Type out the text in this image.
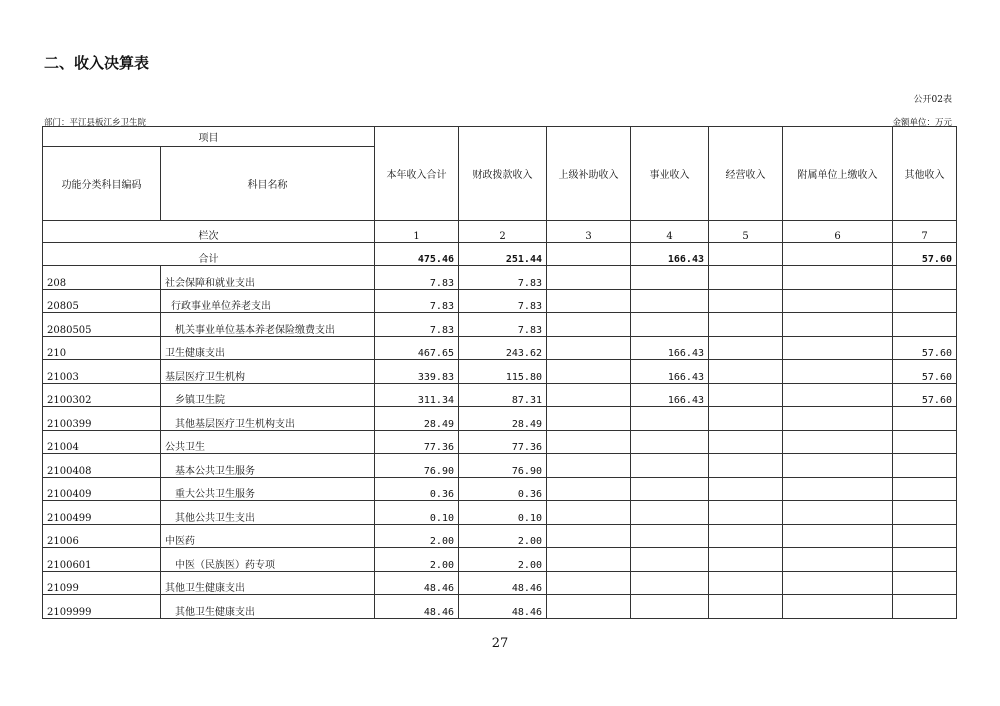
二、收入决算表
公开02表
部门：平江县板江乡卫生院	金额单位：万元
项目		本年收入合计	财政拨款收入	上级补助收入	事业收入	经营收入	附属单位上缴收入	其他收入
功能分类科目编码	科目名称							
栏次		1	2	3	4	5	6	7
合计		475.46	251.44		166.43			57.60
208	社会保障和就业支出	7.83	7.83					
20805	行政事业单位养老支出	7.83	7.83					
2080505	机关事业单位基本养老保险缴费支出	7.83	7.83					
210	卫生健康支出	467.65	243.62		166.43			57.60
21003	基层医疗卫生机构	339.83	115.80		166.43			57.60
2100302	乡镇卫生院	311.34	87.31		166.43			57.60
2100399	其他基层医疗卫生机构支出	28.49	28.49					
21004	公共卫生	77.36	77.36					
2100408	基本公共卫生服务	76.90	76.90					
2100409	重大公共卫生服务	0.36	0.36					
2100499	其他公共卫生支出	0.10	0.10					
21006	中医药	2.00	2.00					
2100601	中医（民族医）药专项	2.00	2.00					
21099	其他卫生健康支出	48.46	48.46					
2109999	其他卫生健康支出	48.46	48.46					
27
